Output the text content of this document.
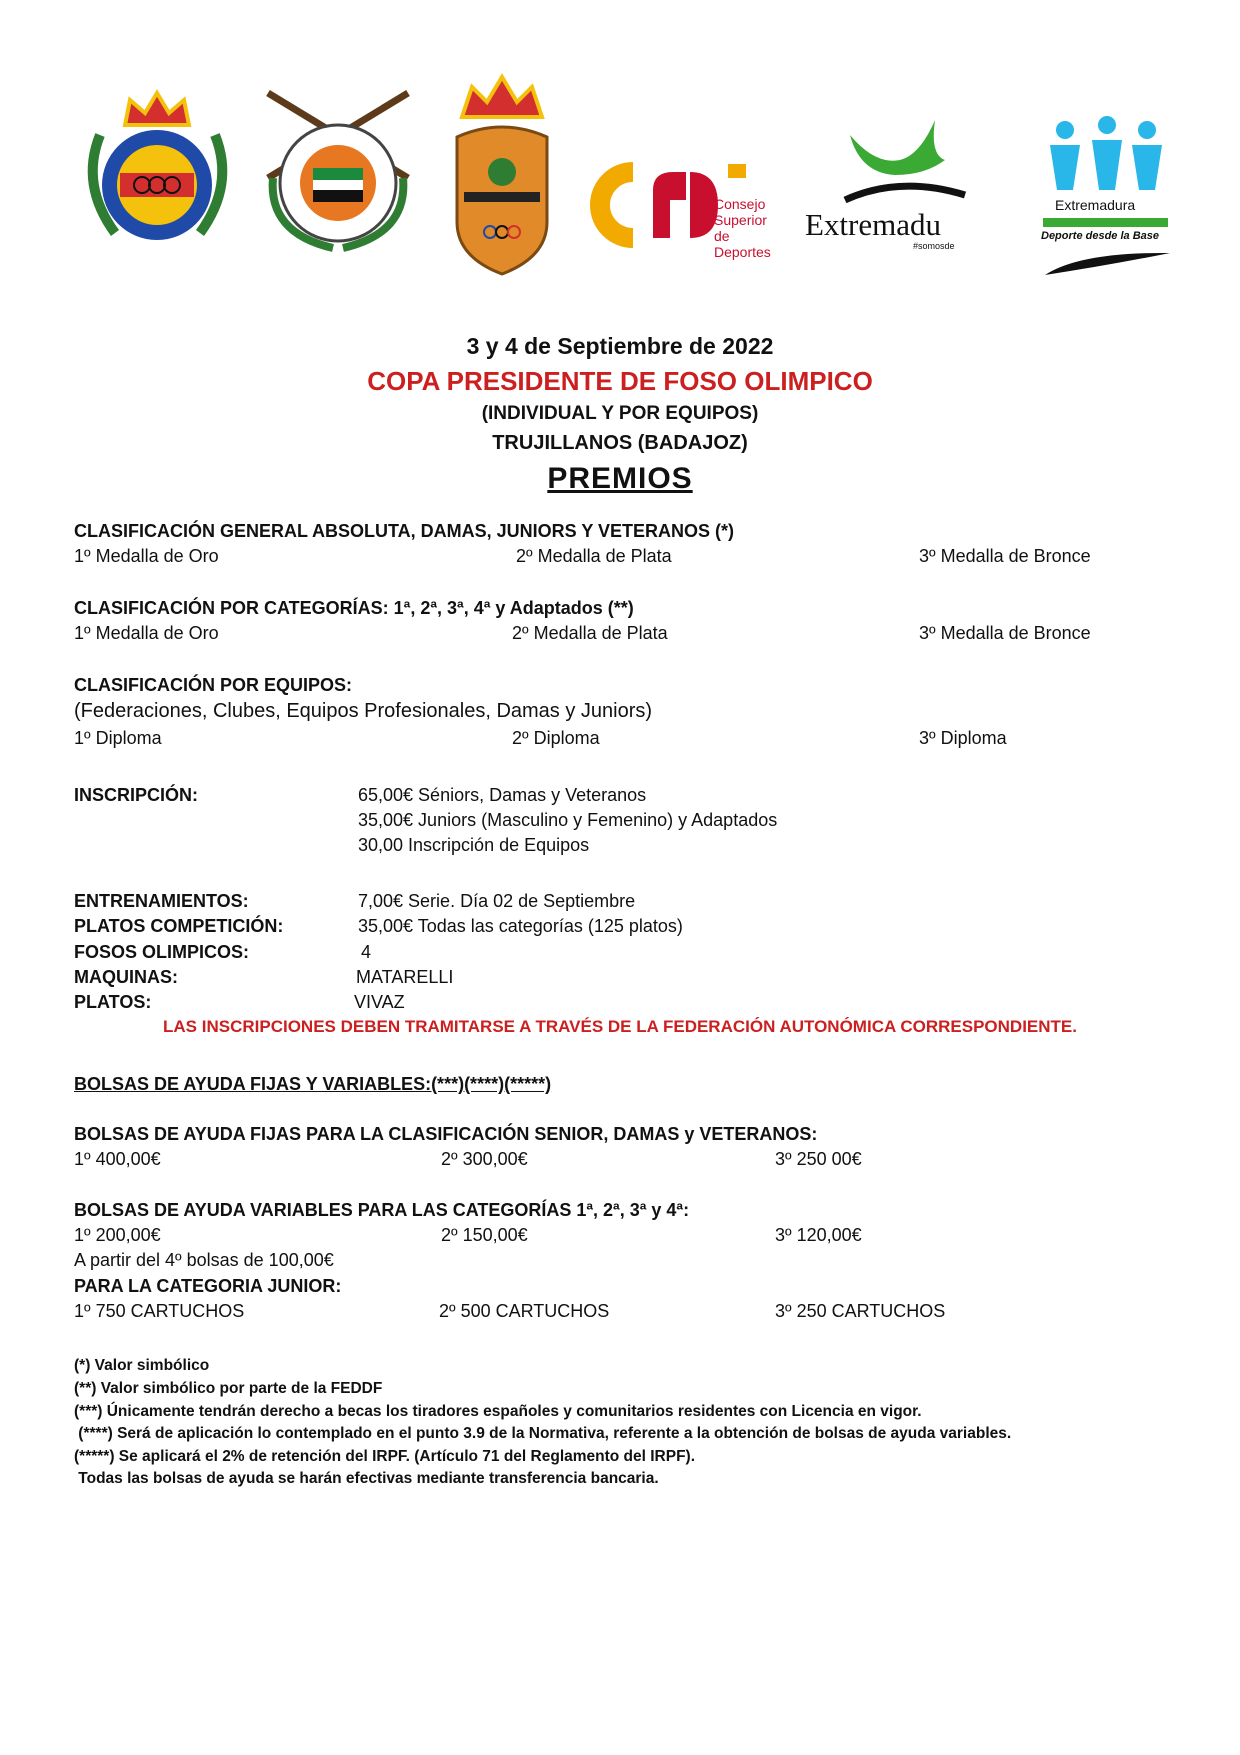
Consejo
Superior
de Deportes
Extremadu
#somosde
Extremadura
Deporte desde la Base
3 y 4 de Septiembre de 2022
COPA PRESIDENTE DE FOSO OLIMPICO
(INDIVIDUAL Y POR EQUIPOS)
TRUJILLANOS (BADAJOZ)
PREMIOS
CLASIFICACIÓN GENERAL ABSOLUTA, DAMAS, JUNIORS Y VETERANOS (*)
1º Medalla de Oro	2º Medalla de Plata	3º Medalla de Bronce
CLASIFICACIÓN POR CATEGORÍAS: 1ª, 2ª, 3ª, 4ª y Adaptados (**)
1º Medalla de Oro	2º Medalla de Plata	3º Medalla de Bronce
CLASIFICACIÓN POR EQUIPOS:
(Federaciones, Clubes, Equipos Profesionales, Damas y Juniors)
1º Diploma	2º Diploma	3º Diploma
INSCRIPCIÓN:	65,00€ Séniors, Damas y Veteranos
35,00€ Juniors (Masculino y Femenino) y Adaptados
30,00 Inscripción de Equipos
ENTRENAMIENTOS:	7,00€ Serie. Día 02 de Septiembre
PLATOS COMPETICIÓN:	35,00€ Todas las categorías (125 platos)
FOSOS OLIMPICOS:	4
MAQUINAS:	MATARELLI
PLATOS:	VIVAZ
LAS INSCRIPCIONES DEBEN TRAMITARSE A TRAVÉS DE LA FEDERACIÓN AUTONÓMICA CORRESPONDIENTE.
BOLSAS DE AYUDA FIJAS Y VARIABLES:(***)(****)(*****)
BOLSAS DE AYUDA FIJAS PARA LA CLASIFICACIÓN SENIOR, DAMAS y VETERANOS:
1º 400,00€	2º 300,00€	3º 250 00€
BOLSAS DE AYUDA VARIABLES PARA LAS CATEGORÍAS 1ª, 2ª, 3ª y 4ª:
1º 200,00€	2º 150,00€	3º 120,00€
A partir del 4º bolsas de 100,00€
PARA LA CATEGORIA JUNIOR:
1º 750 CARTUCHOS	2º 500 CARTUCHOS	3º 250 CARTUCHOS
(*) Valor simbólico
(**) Valor simbólico por parte de la FEDDF
(***) Únicamente tendrán derecho a becas los tiradores españoles y comunitarios residentes con Licencia en vigor.
(****) Será de aplicación lo contemplado en el punto 3.9 de la Normativa, referente a la obtención de bolsas de ayuda variables.
(*****) Se aplicará el 2% de retención del IRPF. (Artículo 71 del Reglamento del IRPF).
Todas las bolsas de ayuda se harán efectivas mediante transferencia bancaria.
